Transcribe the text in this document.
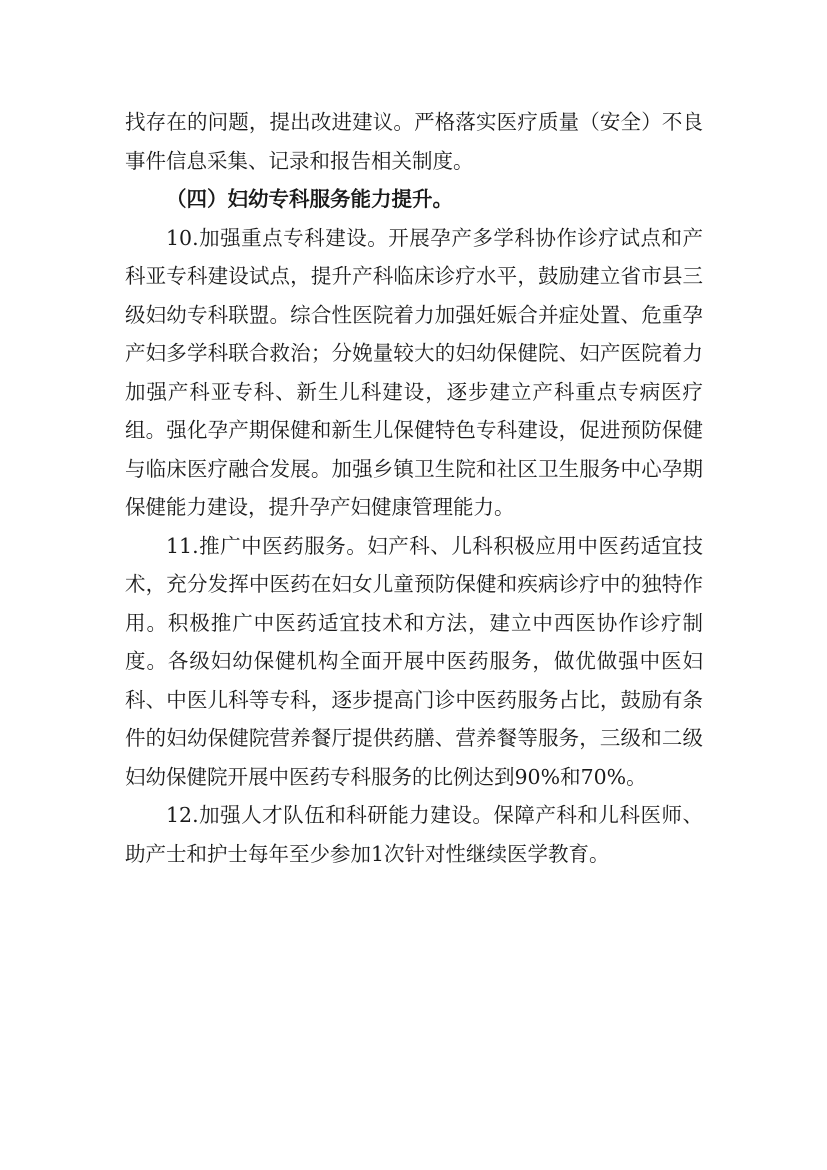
找存在的问题，提出改进建议。严格落实医疗质量（安全）不良事件信息采集、记录和报告相关制度。

（四）妇幼专科服务能力提升。

10.加强重点专科建设。开展孕产多学科协作诊疗试点和产科亚专科建设试点，提升产科临床诊疗水平，鼓励建立省市县三级妇幼专科联盟。综合性医院着力加强妊娠合并症处置、危重孕产妇多学科联合救治；分娩量较大的妇幼保健院、妇产医院着力加强产科亚专科、新生儿科建设，逐步建立产科重点专病医疗组。强化孕产期保健和新生儿保健特色专科建设，促进预防保健与临床医疗融合发展。加强乡镇卫生院和社区卫生服务中心孕期保健能力建设，提升孕产妇健康管理能力。

11.推广中医药服务。妇产科、儿科积极应用中医药适宜技术，充分发挥中医药在妇女儿童预防保健和疾病诊疗中的独特作用。积极推广中医药适宜技术和方法，建立中西医协作诊疗制度。各级妇幼保健机构全面开展中医药服务，做优做强中医妇科、中医儿科等专科，逐步提高门诊中医药服务占比，鼓励有条件的妇幼保健院营养餐厅提供药膳、营养餐等服务，三级和二级妇幼保健院开展中医药专科服务的比例达到90%和70%。

12.加强人才队伍和科研能力建设。保障产科和儿科医师、助产士和护士每年至少参加1次针对性继续医学教育。
